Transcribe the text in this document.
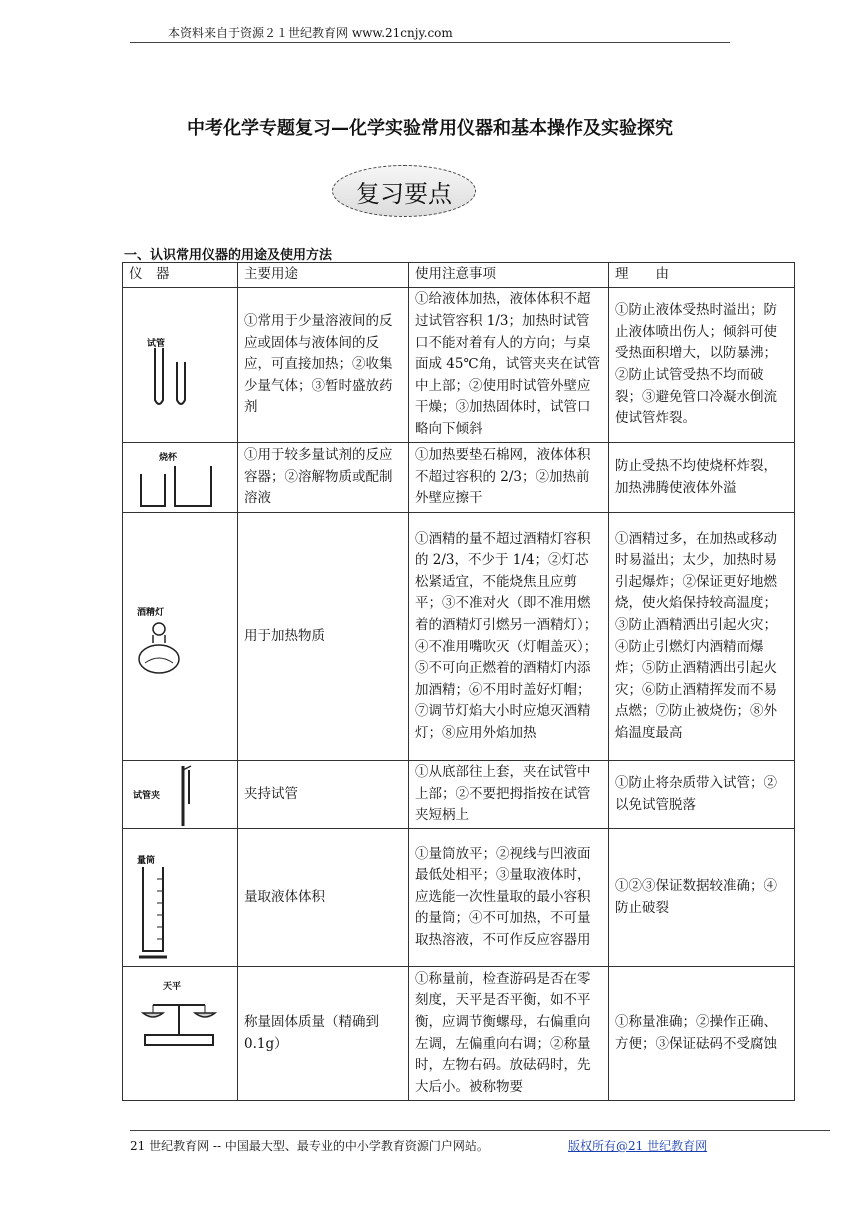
本资料来自于资源２１世纪教育网 www.21cnjy.com
中考化学专题复习—化学实验常用仪器和基本操作及实验探究
复习要点
一、认识常用仪器的用途及使用方法
仪　器	主要用途	使用注意事项	理　　由

试管	①常用于少量溶液间的反应或固体与液体间的反应，可直接加热；②收集少量气体；③暂时盛放药剂	①给液体加热，液体体积不超过试管容积 1/3；加热时试管口不能对着有人的方向；与桌面成 45℃角，试管夹夹在试管中上部；②使用时试管外壁应干燥；③加热固体时，试管口略向下倾斜	①防止液体受热时溢出；防止液体喷出伤人；倾斜可使受热面积增大，以防暴沸；②防止试管受热不均而破裂；③避免管口冷凝水倒流使试管炸裂。

烧杯	①用于较多量试剂的反应容器；②溶解物质或配制溶液	①加热要垫石棉网，液体体积不超过容积的 2/3；②加热前外壁应擦干	防止受热不均使烧杯炸裂，加热沸腾使液体外溢

酒精灯	用于加热物质	①酒精的量不超过酒精灯容积的 2/3，不少于 1/4；②灯芯松紧适宜，不能烧焦且应剪平；③不准对火（即不准用燃着的酒精灯引燃另一酒精灯）；④不准用嘴吹灭（灯帽盖灭）；⑤不可向正燃着的酒精灯内添加酒精；⑥不用时盖好灯帽；⑦调节灯焰大小时应熄灭酒精灯；⑧应用外焰加热	①酒精过多，在加热或移动时易溢出；太少，加热时易引起爆炸；②保证更好地燃烧，使火焰保持较高温度；③防止酒精洒出引起火灾；④防止引燃灯内酒精而爆炸；⑤防止酒精洒出引起火灾；⑥防止酒精挥发而不易点燃；⑦防止被烧伤；⑧外焰温度最高

试管夹	夹持试管	①从底部往上套，夹在试管中上部；②不要把拇指按在试管夹短柄上	①防止将杂质带入试管；②以免试管脱落

量筒	量取液体体积	①量筒放平；②视线与凹液面最低处相平；③量取液体时，应选能一次性量取的最小容积的量筒；④不可加热，不可量取热溶液，不可作反应容器用	①②③保证数据较准确；④防止破裂

天平	称量固体质量（精确到 0.1g）	①称量前，检查游码是否在零刻度，天平是否平衡，如不平衡，应调节衡螺母，右偏重向左调，左偏重向右调；②称量时，左物右码。放砝码时，先大后小。被称物要	①称量准确；②操作正确、方便；③保证砝码不受腐蚀
21 世纪教育网 -- 中国最大型、最专业的中小学教育资源门户网站。	版权所有@21 世纪教育网
